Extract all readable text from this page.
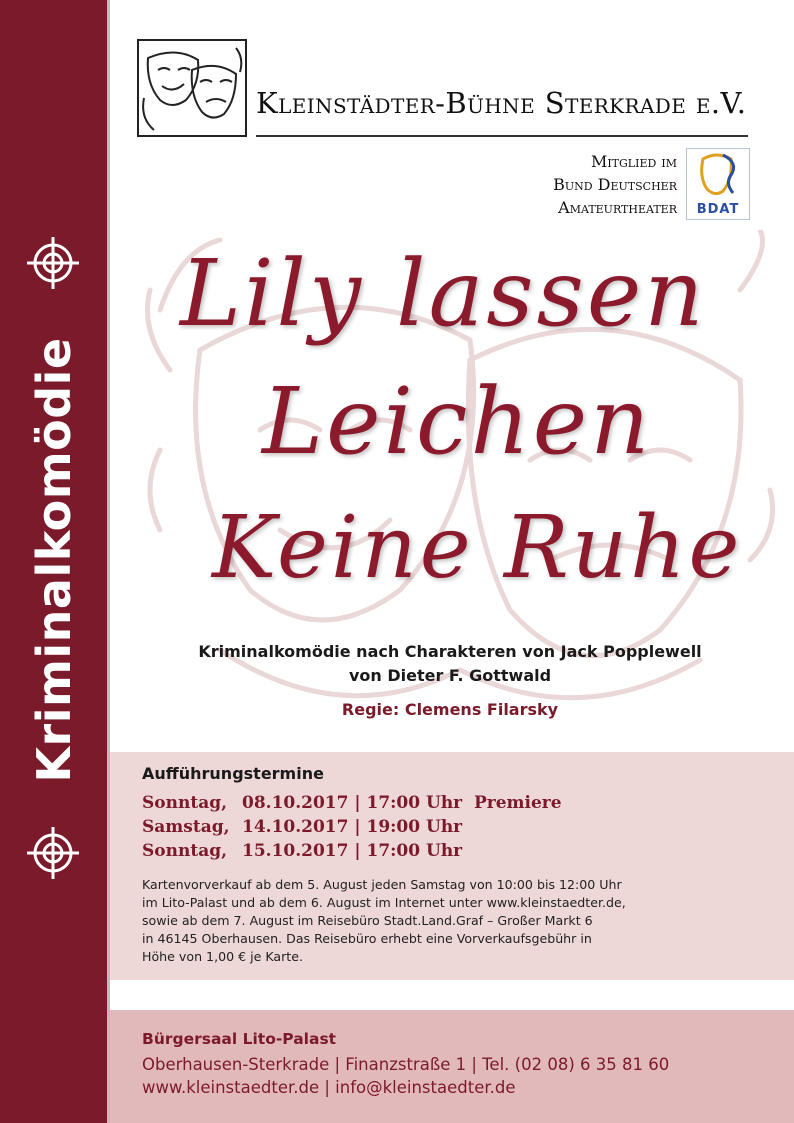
Kriminalkomödie
Kleinstädter-Bühne Sterkrade e.V.
Mitglied im
Bund Deutscher
Amateurtheater	BDAT
Lily lassen
Leichen
Keine Ruhe
Kriminalkomödie nach Charakteren von Jack Popplewell
von Dieter F. Gottwald
Regie: Clemens Filarsky
Aufführungstermine
Sonntag, 08.10.2017 | 17:00 Uhr  Premiere
Samstag, 14.10.2017 | 19:00 Uhr
Sonntag, 15.10.2017 | 17:00 Uhr
Kartenvorverkauf ab dem 5. August jeden Samstag von 10:00 bis 12:00 Uhr
im Lito-Palast und ab dem 6. August im Internet unter www.kleinstaedter.de,
sowie ab dem 7. August im Reisebüro Stadt.Land.Graf – Großer Markt 6
in 46145 Oberhausen. Das Reisebüro erhebt eine Vorverkaufsgebühr in
Höhe von 1,00 € je Karte.
Bürgersaal Lito-Palast
Oberhausen-Sterkrade | Finanzstraße 1 | Tel. (02 08) 6 35 81 60
www.kleinstaedter.de | info@kleinstaedter.de
